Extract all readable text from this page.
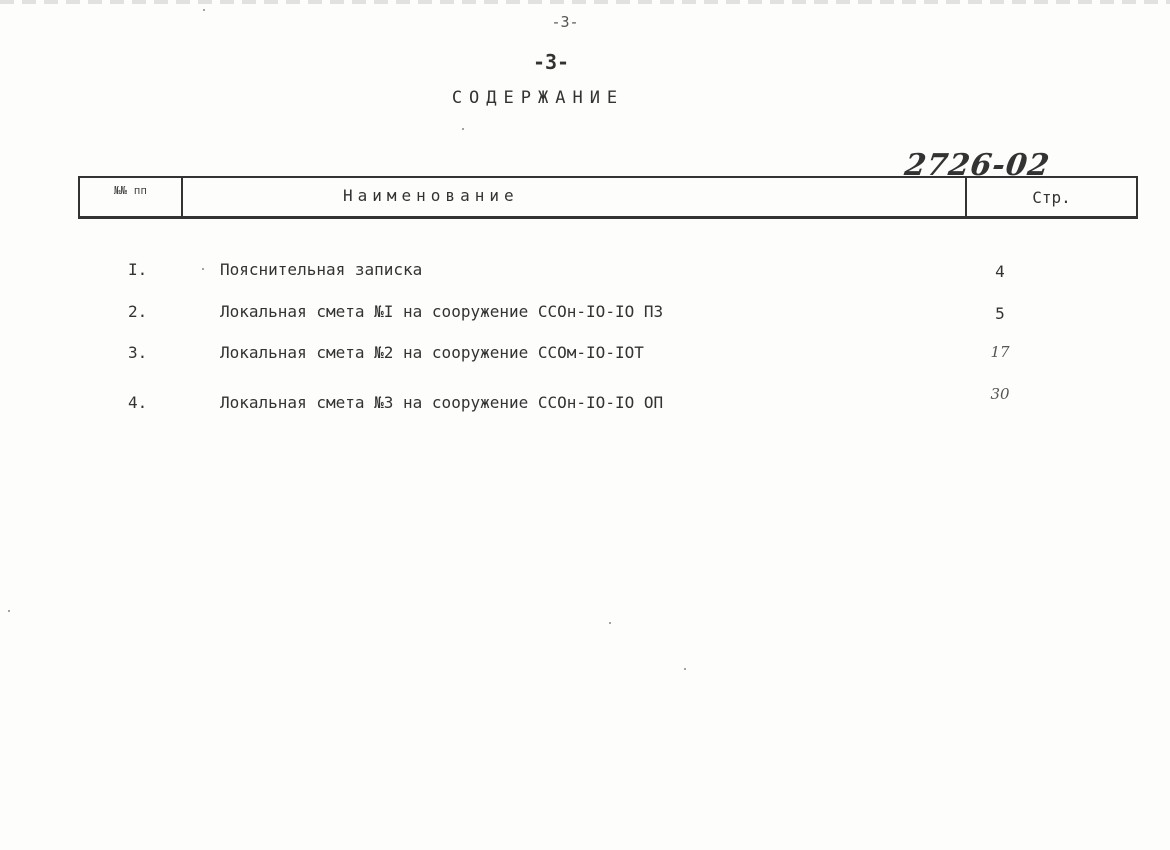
-3-
-3-
СОДЕРЖАНИЕ
2726-02
№№ пп	Наименование	Стр.
I.	Пояснительная записка	4
2.	Локальная смета №I на сооружение ССОн-IO-IO ПЗ	5
3.	Локальная смета №2 на сооружение ССОм-IO-IOT	17
4.	Локальная смета №3 на сооружение ССОн-IO-IO ОП	30
